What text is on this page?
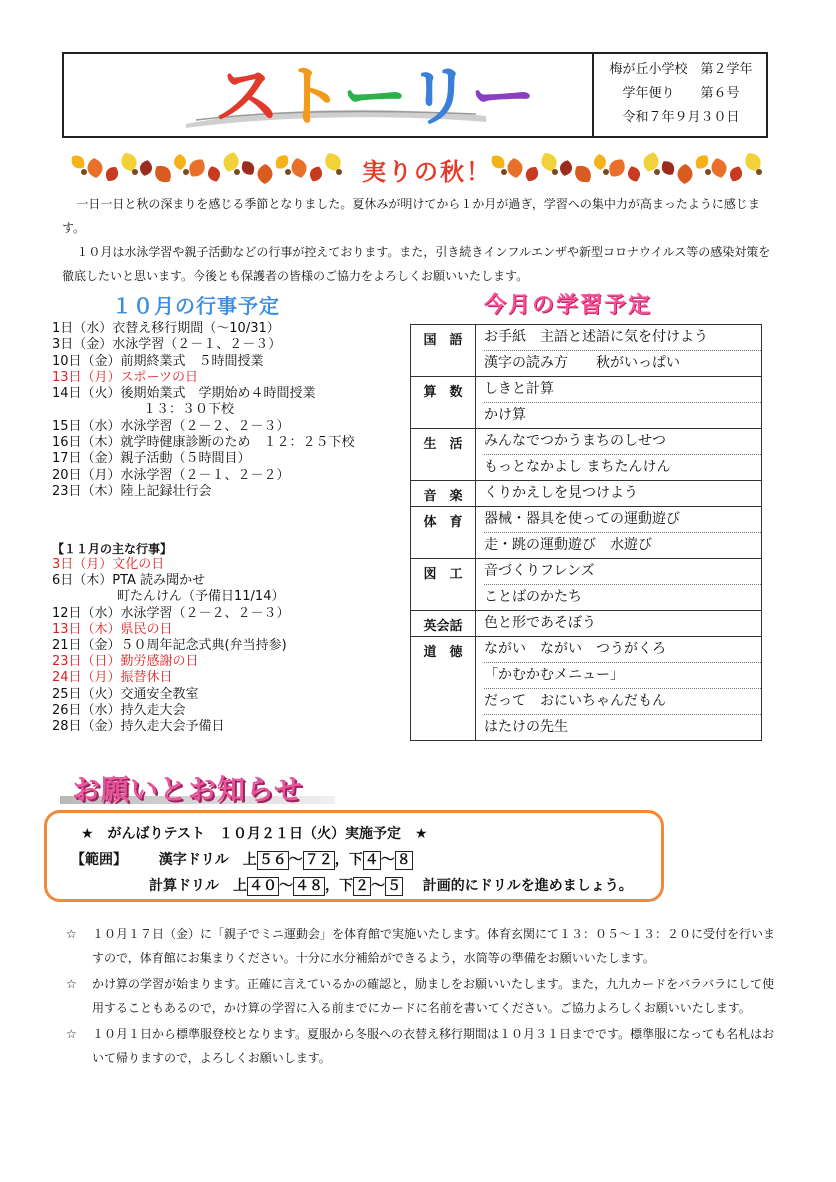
ストーリー	梅が丘小学校　第２学年
学年便り　　第６号
令和７年９月３０日
実りの秋！

一日一日と秋の深まりを感じる季節となりました。夏休みが明けてから１か月が過ぎ，学習への集中力が高まったように感じます。

１０月は水泳学習や親子活動などの行事が控えております。また，引き続きインフルエンザや新型コロナウイルス等の感染対策を徹底したいと思います。今後とも保護者の皆様のご協力をよろしくお願いいたします。

１０月の行事予定	今月の学習予定
1日（水）衣替え移行期間（～10/31）
3日（金）水泳学習（２－１、２－３）
10日（金）前期終業式　５時間授業
13日（月）スポーツの日
14日（火）後期始業式　学期始め４時間授業
　　　　　　　１３：３０下校
15日（水）水泳学習（２－２、２－３）
16日（木）就学時健康診断のため　１２：２５下校
17日（金）親子活動（５時間目）
20日（月）水泳学習（２－１、２－２）
23日（木）陸上記録壮行会
【１１月の主な行事】
3日（月）文化の日
6日（木）PTA 読み聞かせ
　　　　　町たんけん（予備日11/14）
12日（水）水泳学習（２－２、２－３）
13日（木）県民の日
21日（金）５０周年記念式典(弁当持参)
23日（日）勤労感謝の日
24日（月）振替休日
25日（火）交通安全教室
26日（水）持久走大会
28日（金）持久走大会予備日
国　語	お手紙　主語と述語に気を付けよう
漢字の読み方　　秋がいっぱい

算　数	しきと計算
かけ算

生　活	みんなでつかうまちのしせつ
もっとなかよし まちたんけん

音　楽	くりかえしを見つけよう

体　育	器械・器具を使っての運動遊び
走・跳の運動遊び　水遊び

図　工	音づくりフレンズ
ことばのかたち

英会話	色と形であそぼう

道　徳	ながい　ながい　つうがくろ
「かむかむメニュー」
だって　おにいちゃんだもん
はたけの先生
お願いとお知らせ
★　がんばりテスト　１０月２１日（火）実施予定　★
【範囲】 漢字ドリル　上 ５６ ～ ７２ ，下 ４ ～ ８
計算ドリル　上 ４０ ～ ４８ ，下 ２ ～ ５ 計画的にドリルを進めましょう。
☆ １０月１７日（金）に「親子でミニ運動会」を体育館で実施いたします。体育玄関にて１３：０５～１３：２０に受付を行いますので，体育館にお集まりください。十分に水分補給ができるよう，水筒等の準備をお願いいたします。
☆ かけ算の学習が始まります。正確に言えているかの確認と，励ましをお願いいたします。また，九九カードをバラバラにして使用することもあるので，かけ算の学習に入る前までにカードに名前を書いてください。ご協力よろしくお願いいたします。
☆ １０月１日から標準服登校となります。夏服から冬服への衣替え移行期間は１０月３１日までです。標準服になっても名札はおいて帰りますので，よろしくお願いします。
